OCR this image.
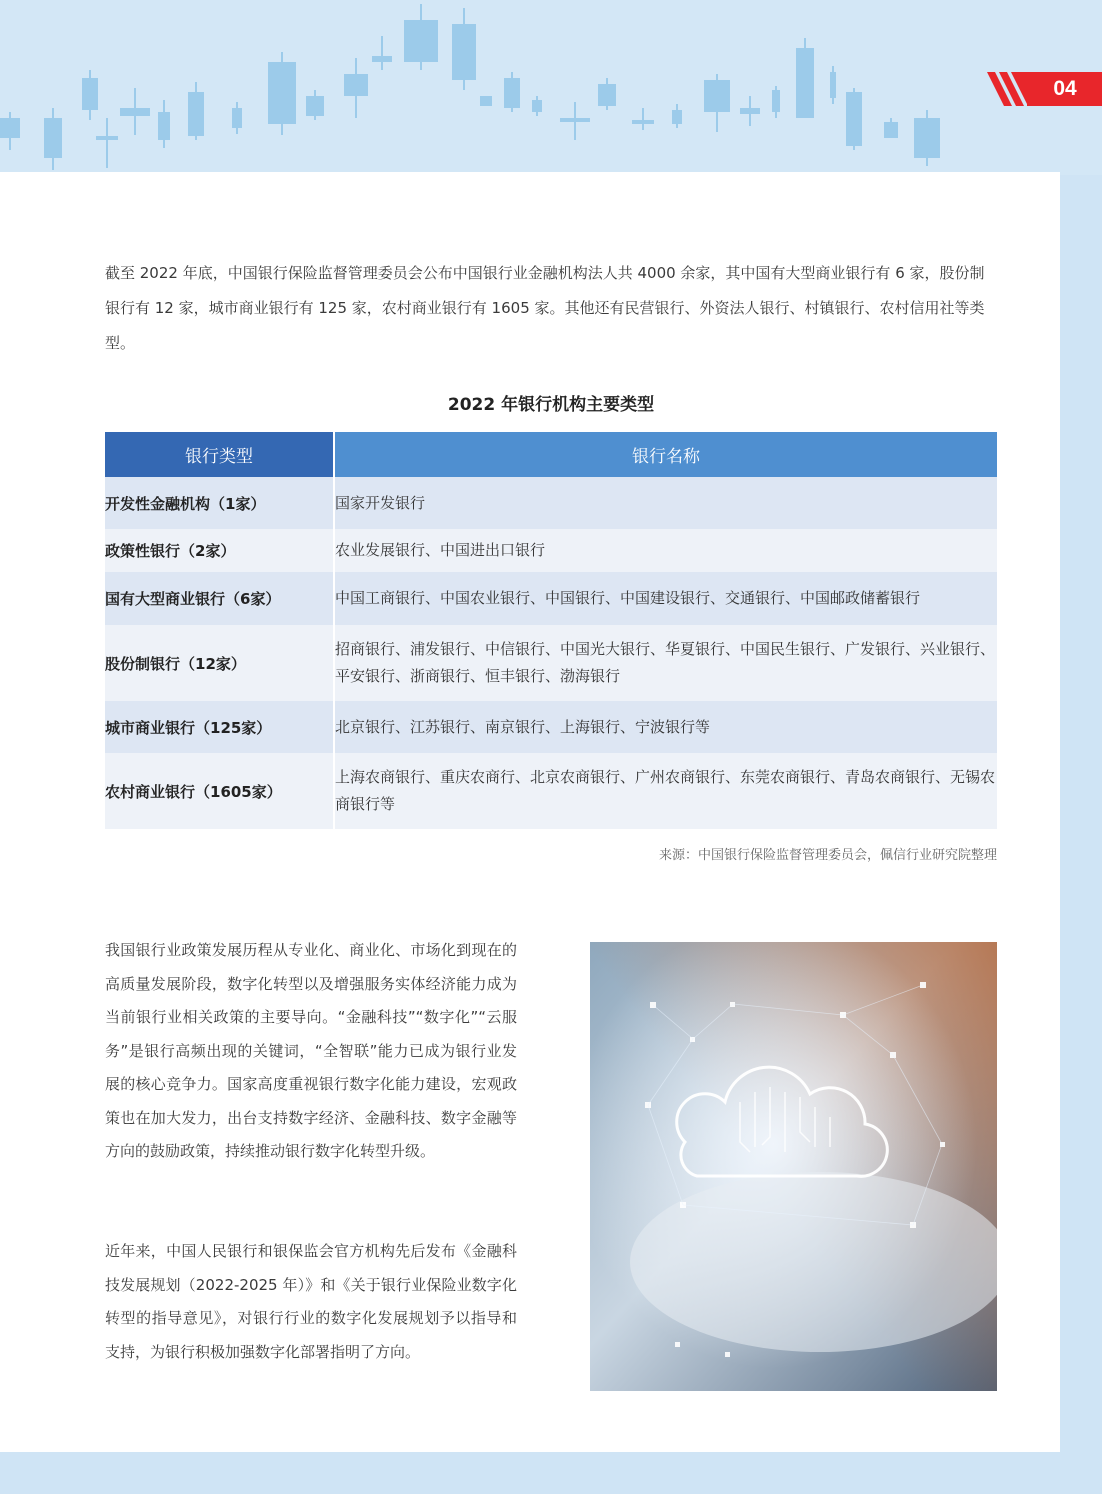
04

截至 2022 年底，中国银行保险监督管理委员会公布中国银行业金融机构法人共 4000 余家，其中国有大型商业银行有 6 家，股份制银行有 12 家，城市商业银行有 125 家，农村商业银行有 1605 家。其他还有民营银行、外资法人银行、村镇银行、农村信用社等类型。

2022 年银行机构主要类型
银行类型	银行名称
开发性金融机构（1家）	国家开发银行
政策性银行（2家）	农业发展银行、中国进出口银行
国有大型商业银行（6家）	中国工商银行、中国农业银行、中国银行、中国建设银行、交通银行、中国邮政储蓄银行
股份制银行（12家）	招商银行、浦发银行、中信银行、中国光大银行、华夏银行、中国民生银行、广发银行、兴业银行、平安银行、浙商银行、恒丰银行、渤海银行
城市商业银行（125家）	北京银行、江苏银行、南京银行、上海银行、宁波银行等
农村商业银行（1605家）	上海农商银行、重庆农商行、北京农商银行、广州农商银行、东莞农商银行、青岛农商银行、无锡农商银行等
来源：中国银行保险监督管理委员会，佩信行业研究院整理

我国银行业政策发展历程从专业化、商业化、市场化到现在的高质量发展阶段，数字化转型以及增强服务实体经济能力成为当前银行业相关政策的主要导向。“金融科技”“数字化”“云服务”是银行高频出现的关键词，“全智联”能力已成为银行业发展的核心竞争力。国家高度重视银行数字化能力建设，宏观政策也在加大发力，出台支持数字经济、金融科技、数字金融等方向的鼓励政策，持续推动银行数字化转型升级。

近年来，中国人民银行和银保监会官方机构先后发布《金融科技发展规划（2022-2025 年）》和《关于银行业保险业数字化转型的指导意见》，对银行行业的数字化发展规划予以指导和支持，为银行积极加强数字化部署指明了方向。
